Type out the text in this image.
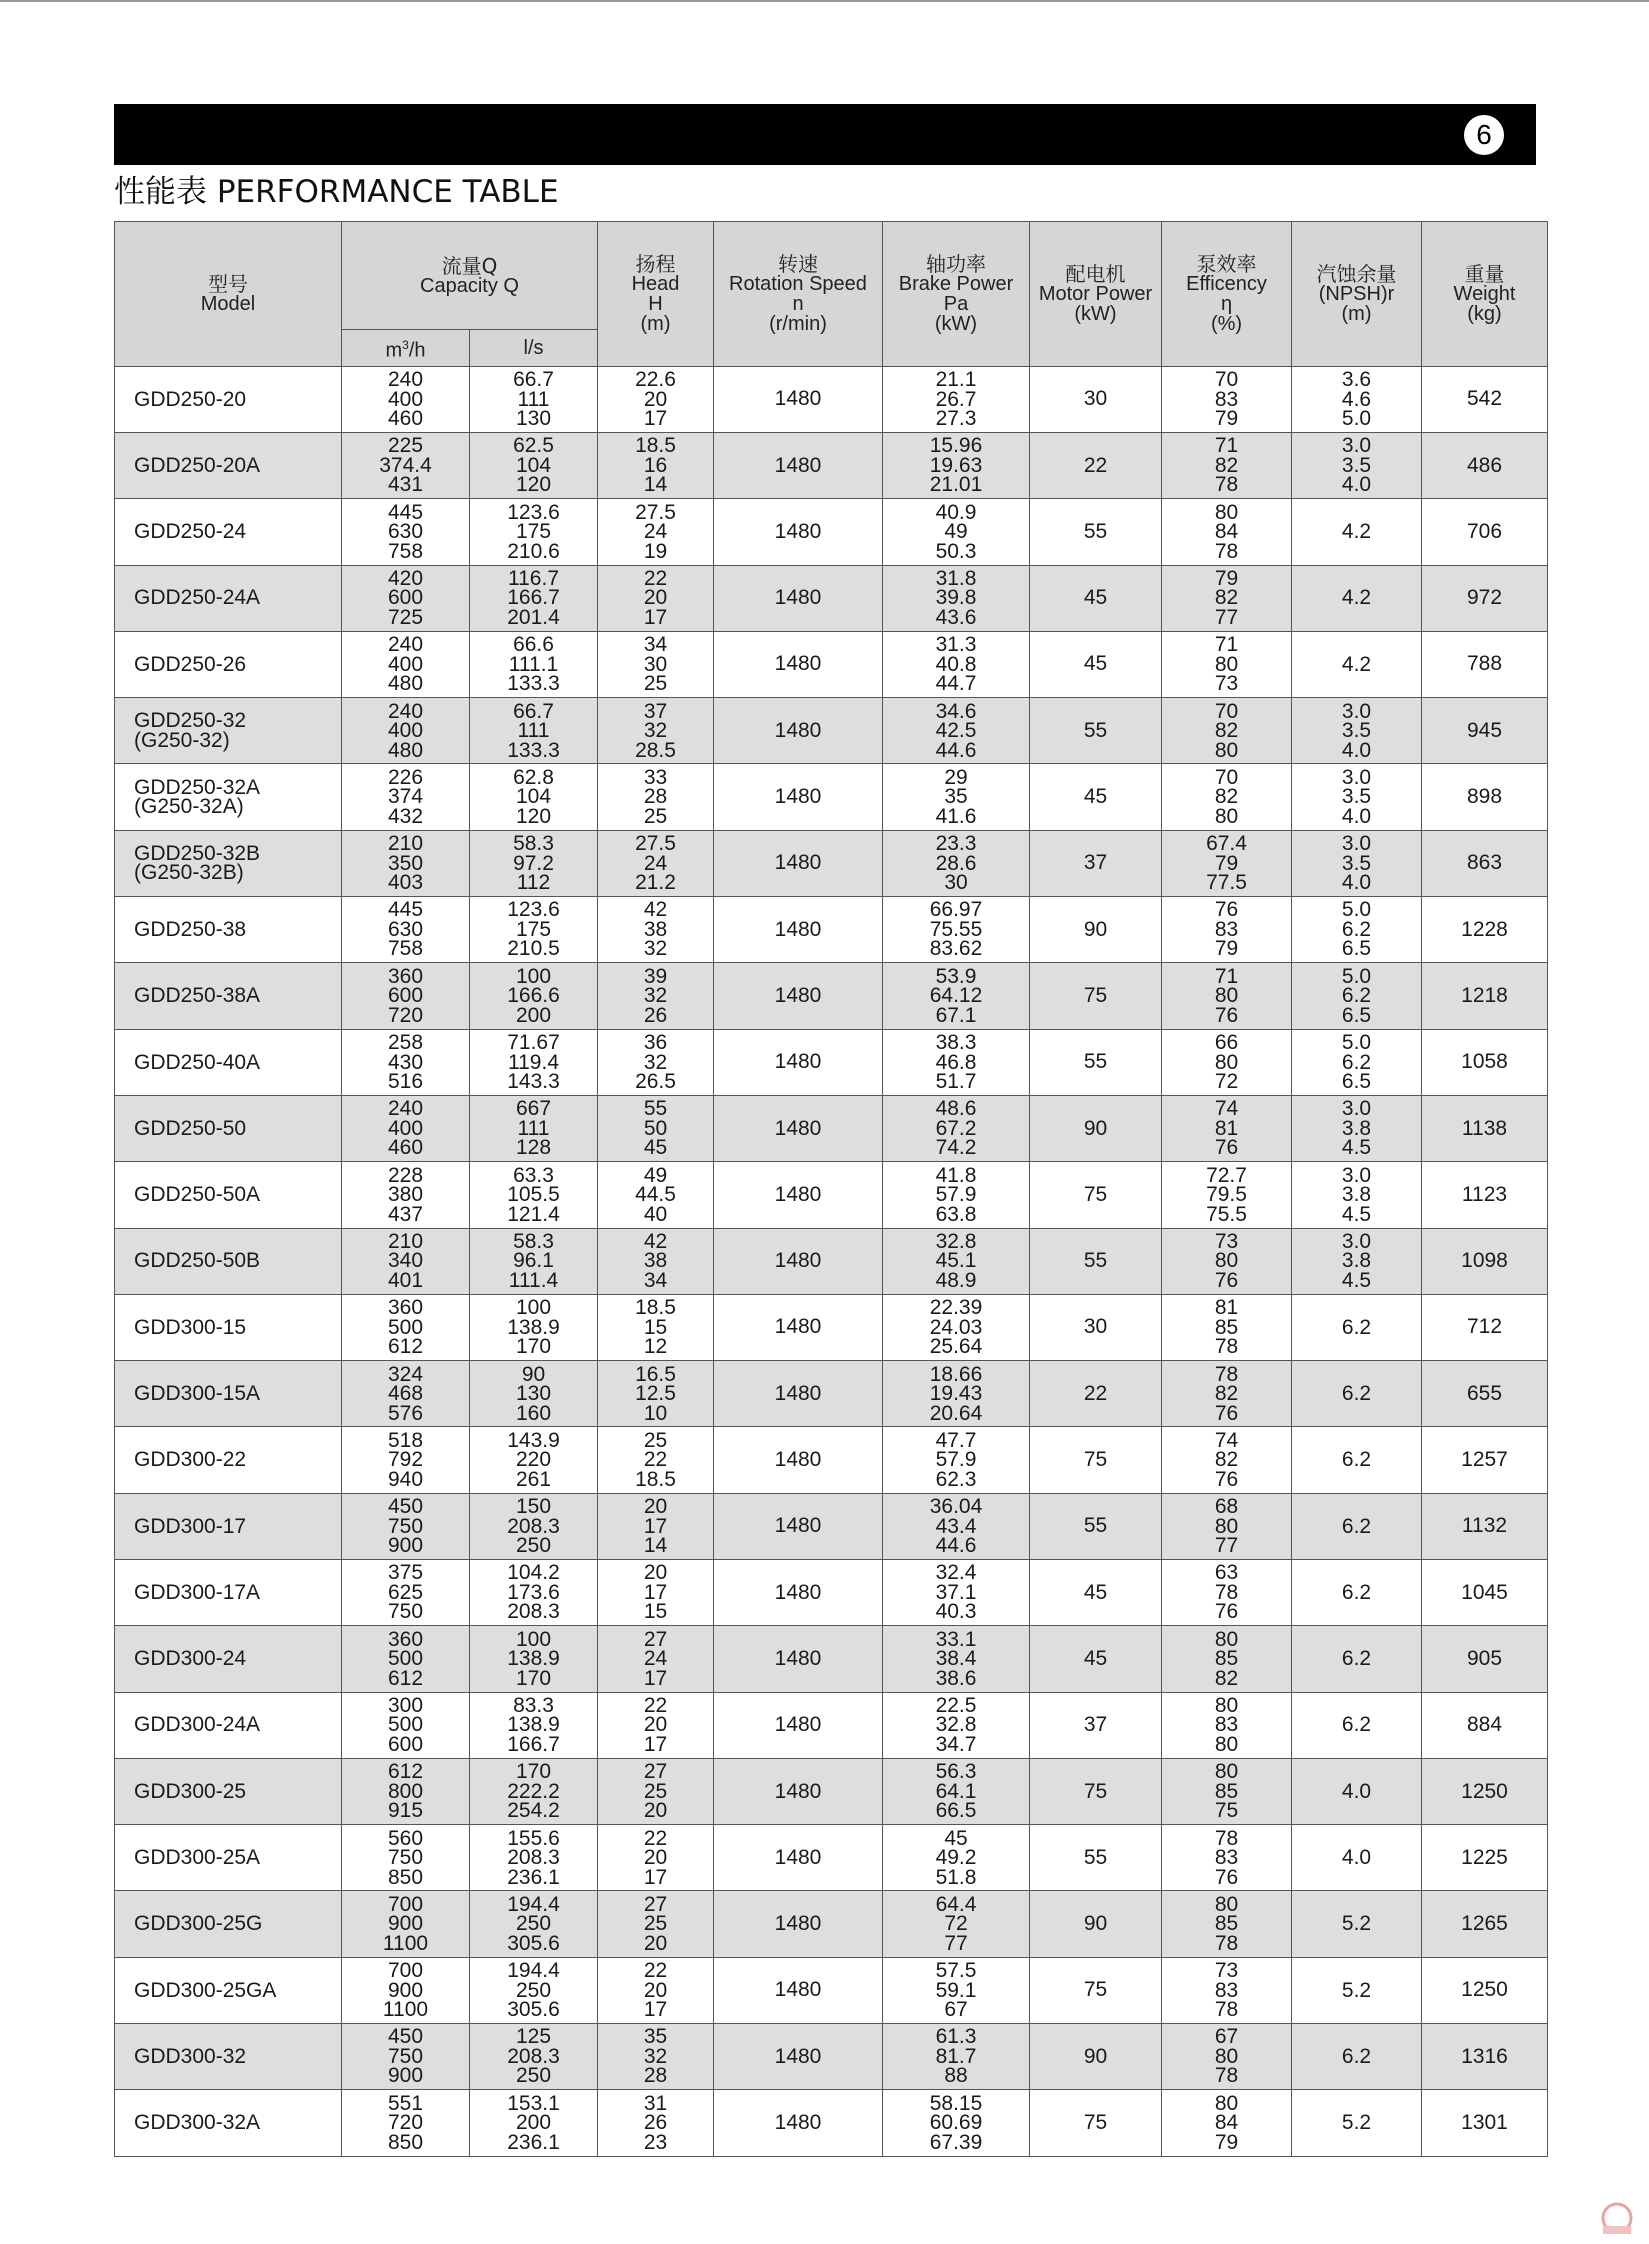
6
性能表 PERFORMANCE TABLE
型号
Model	流量Q
Capacity Q		扬程
Head
H
(m)	转速
Rotation Speed
n
(r/min)	轴功率
Brake Power
Pa
(kW)	配电机
Motor Power
(kW)	泵效率
Efficency
η
(%)	汽蚀余量
(NPSH)r
(m)	重量
Weight
(kg)

	$m^3/h$	l/s							

GDD250-20	240
400
460	66.7
111
130	22.6
20
17	1480	21.1
26.7
27.3	30	70
83
79	3.6
4.6
5.0	542

GDD250-20A	225
374.4
431	62.5
104
120	18.5
16
14	1480	15.96
19.63
21.01	22	71
82
78	3.0
3.5
4.0	486

GDD250-24	445
630
758	123.6
175
210.6	27.5
24
19	1480	40.9
49
50.3	55	80
84
78	4.2	706

GDD250-24A	420
600
725	116.7
166.7
201.4	22
20
17	1480	31.8
39.8
43.6	45	79
82
77	4.2	972

GDD250-26	240
400
480	66.6
111.1
133.3	34
30
25	1480	31.3
40.8
44.7	45	71
80
73	4.2	788

GDD250-32
(G250-32)	240
400
480	66.7
111
133.3	37
32
28.5	1480	34.6
42.5
44.6	55	70
82
80	3.0
3.5
4.0	945

GDD250-32A
(G250-32A)	226
374
432	62.8
104
120	33
28
25	1480	29
35
41.6	45	70
82
80	3.0
3.5
4.0	898

GDD250-32B
(G250-32B)	210
350
403	58.3
97.2
112	27.5
24
21.2	1480	23.3
28.6
30	37	67.4
79
77.5	3.0
3.5
4.0	863

GDD250-38	445
630
758	123.6
175
210.5	42
38
32	1480	66.97
75.55
83.62	90	76
83
79	5.0
6.2
6.5	1228

GDD250-38A	360
600
720	100
166.6
200	39
32
26	1480	53.9
64.12
67.1	75	71
80
76	5.0
6.2
6.5	1218

GDD250-40A	258
430
516	71.67
119.4
143.3	36
32
26.5	1480	38.3
46.8
51.7	55	66
80
72	5.0
6.2
6.5	1058

GDD250-50	240
400
460	667
111
128	55
50
45	1480	48.6
67.2
74.2	90	74
81
76	3.0
3.8
4.5	1138

GDD250-50A	228
380
437	63.3
105.5
121.4	49
44.5
40	1480	41.8
57.9
63.8	75	72.7
79.5
75.5	3.0
3.8
4.5	1123

GDD250-50B	210
340
401	58.3
96.1
111.4	42
38
34	1480	32.8
45.1
48.9	55	73
80
76	3.0
3.8
4.5	1098

GDD300-15	360
500
612	100
138.9
170	18.5
15
12	1480	22.39
24.03
25.64	30	81
85
78	6.2	712

GDD300-15A	324
468
576	90
130
160	16.5
12.5
10	1480	18.66
19.43
20.64	22	78
82
76	6.2	655

GDD300-22	518
792
940	143.9
220
261	25
22
18.5	1480	47.7
57.9
62.3	75	74
82
76	6.2	1257

GDD300-17	450
750
900	150
208.3
250	20
17
14	1480	36.04
43.4
44.6	55	68
80
77	6.2	1132

GDD300-17A	375
625
750	104.2
173.6
208.3	20
17
15	1480	32.4
37.1
40.3	45	63
78
76	6.2	1045

GDD300-24	360
500
612	100
138.9
170	27
24
17	1480	33.1
38.4
38.6	45	80
85
82	6.2	905

GDD300-24A	300
500
600	83.3
138.9
166.7	22
20
17	1480	22.5
32.8
34.7	37	80
83
80	6.2	884

GDD300-25	612
800
915	170
222.2
254.2	27
25
20	1480	56.3
64.1
66.5	75	80
85
75	4.0	1250

GDD300-25A	560
750
850	155.6
208.3
236.1	22
20
17	1480	45
49.2
51.8	55	78
83
76	4.0	1225

GDD300-25G	700
900
1100	194.4
250
305.6	27
25
20	1480	64.4
72
77	90	80
85
78	5.2	1265

GDD300-25GA	700
900
1100	194.4
250
305.6	22
20
17	1480	57.5
59.1
67	75	73
83
78	5.2	1250

GDD300-32	450
750
900	125
208.3
250	35
32
28	1480	61.3
81.7
88	90	67
80
78	6.2	1316

GDD300-32A	551
720
850	153.1
200
236.1	31
26
23	1480	58.15
60.69
67.39	75	80
84
79	5.2	1301
